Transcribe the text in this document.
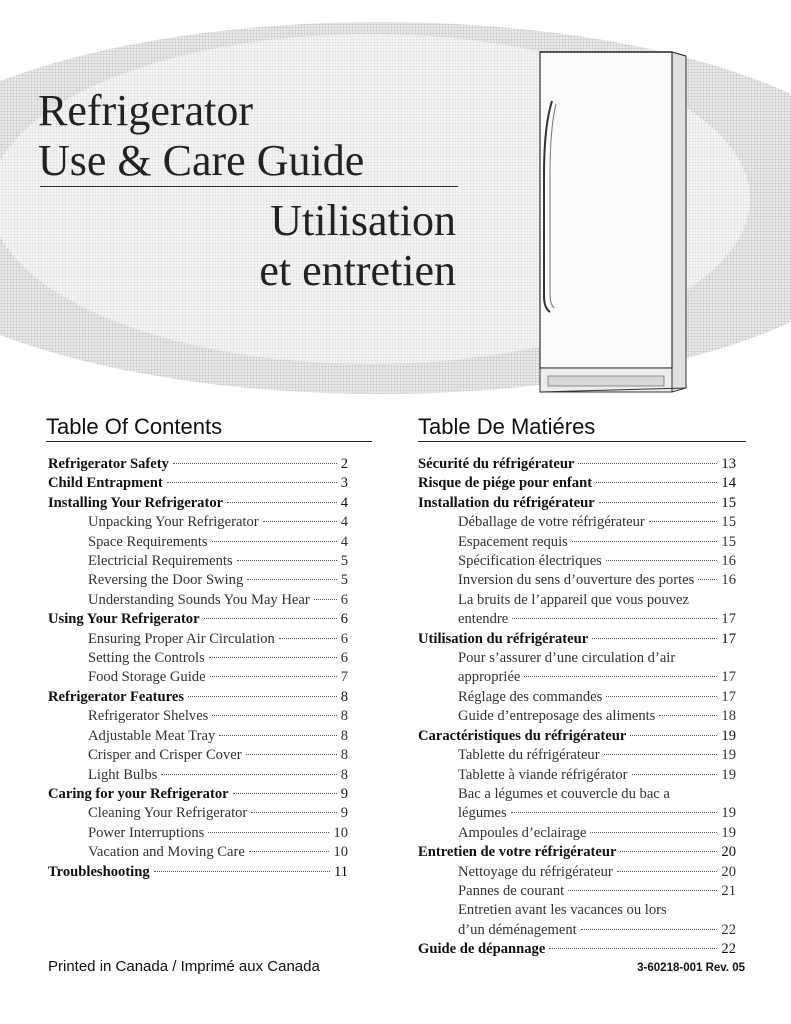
Refrigerator
Use & Care Guide
Utilisation
et entretien
Table Of Contents
Refrigerator Safety	2
Child Entrapment	3
Installing Your Refrigerator	4
Unpacking Your Refrigerator	4
Space Requirements	4
Electricial Requirements	5
Reversing the Door Swing	5
Understanding Sounds You May Hear 6
Using Your Refrigerator	6
Ensuring Proper Air Circulation	6
Setting the Controls	6
Food Storage Guide	7
Refrigerator Features	8
Refrigerator Shelves	8
Adjustable Meat Tray	8
Crisper and Crisper Cover	8
Light Bulbs	8
Caring for your Refrigerator	9
Cleaning Your Refrigerator	9
Power Interruptions	10
Vacation and Moving Care	10
Troubleshooting	11
Table De Matiéres
Sécurité du réfrigérateur	13
Risque de piége pour enfant	14
Installation du réfrigérateur	15
Déballage de votre réfrigérateur	15
Espacement requis	15
Spécification électriques	16
Inversion du sens d’ouverture des portes 16
La bruits de l’appareil que vous pouvez
entendre	17
Utilisation du réfrigérateur	17
Pour s’assurer d’une circulation d’air
appropriée	17
Réglage des commandes	17
Guide d’entreposage des aliments	18
Caractéristiques du réfrigérateur	19
Tablette du réfrigérateur	19
Tablette à viande réfrigérator	19
Bac a légumes et couvercle du bac a
légumes	19
Ampoules d’eclairage	19
Entretien de votre réfrigérateur	20
Nettoyage du réfrigérateur	20
Pannes de courant	21
Entretien avant les vacances ou lors
d’un déménagement	22
Guide de dépannage	22
Printed in Canada / Imprimé aux Canada	3-60218-001 Rev. 05
